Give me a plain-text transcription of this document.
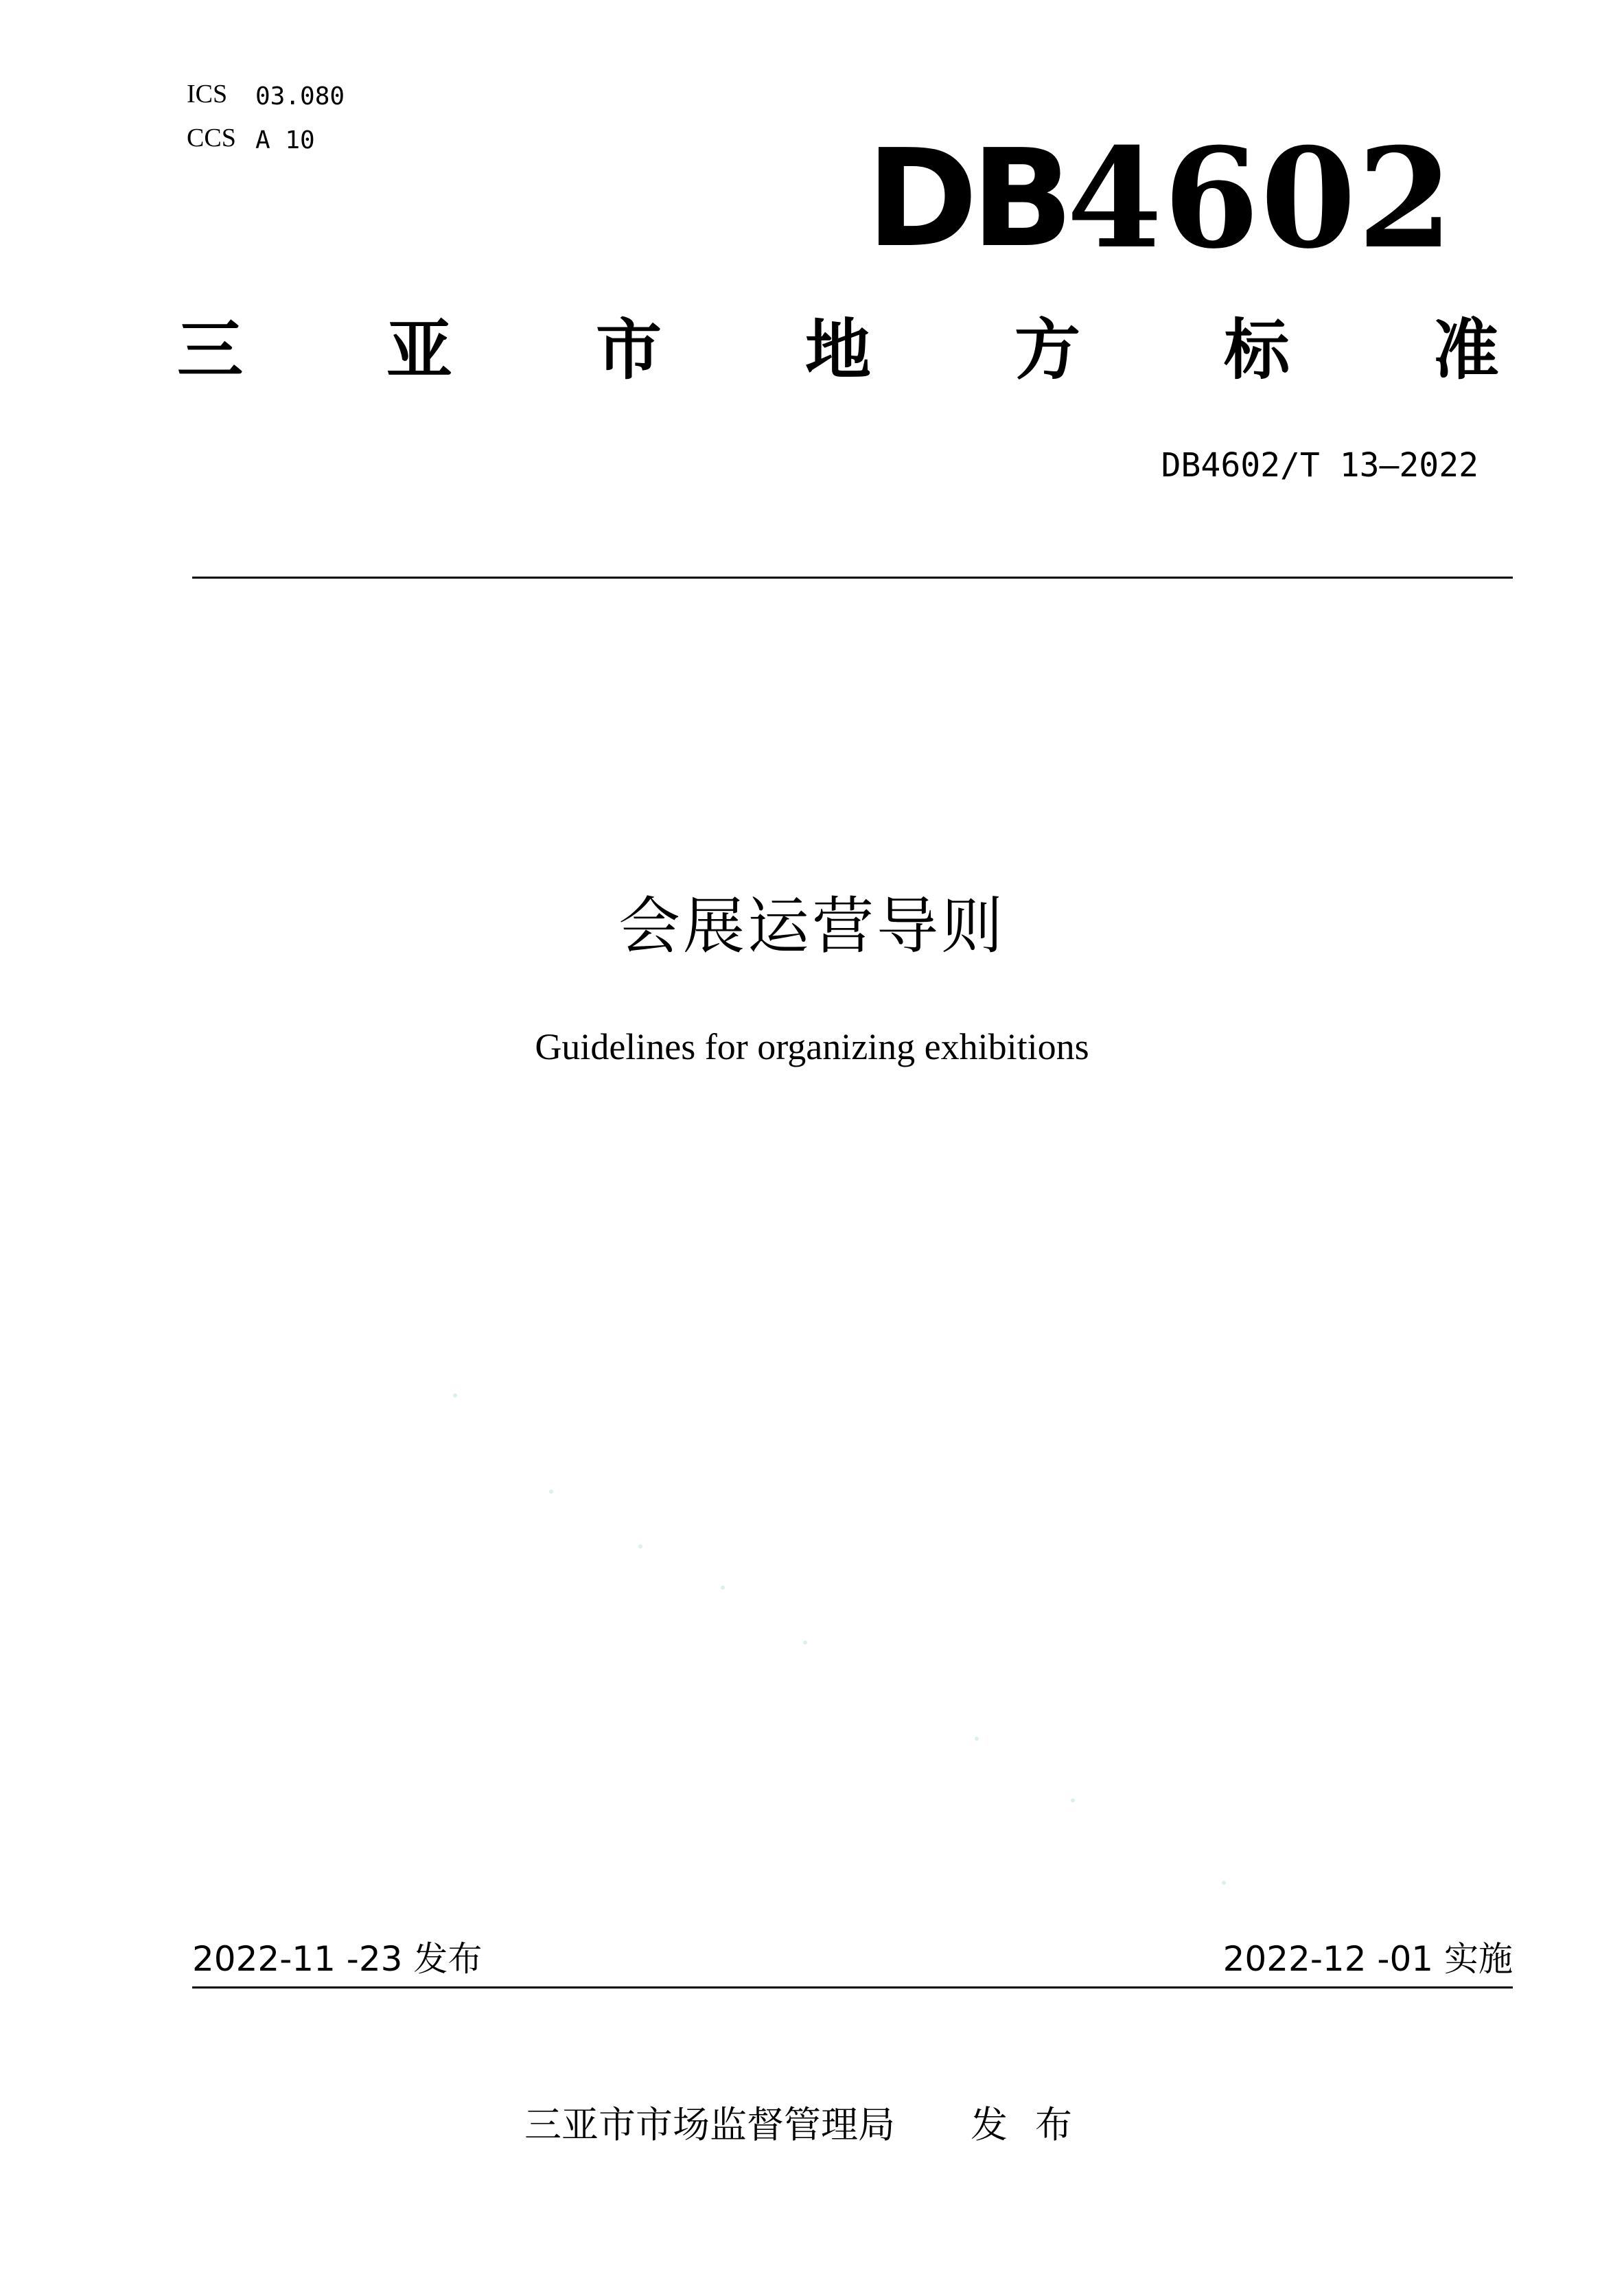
ICS 03.080
CCS A 10	DB 4602
三 亚 市 地 方 标 准
DB4602/T 13—2022
会展运营导则
Guidelines for organizing exhibitions
2022-11 -23 发布	2022-12 -01 实施
三亚市市场监督管理局 发布
